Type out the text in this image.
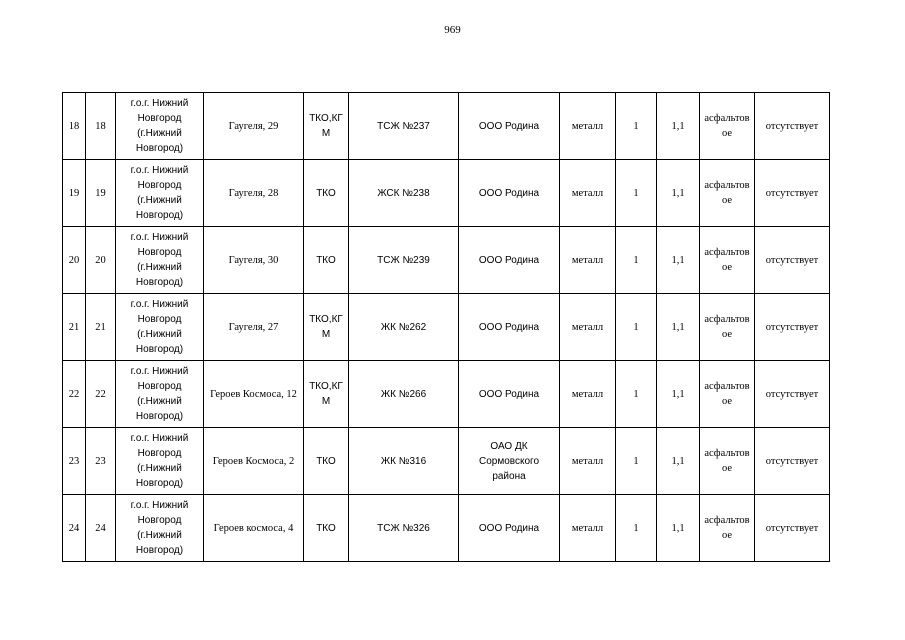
969
18	18	г.о.г. Нижний Новгород (г.Нижний Новгород)	Гаугеля, 29	ТКО,КГМ	ТСЖ №237	ООО Родина	металл	1	1,1	асфальтовое	отсутствует
19	19	г.о.г. Нижний Новгород (г.Нижний Новгород)	Гаугеля, 28	ТКО	ЖСК №238	ООО Родина	металл	1	1,1	асфальтовое	отсутствует
20	20	г.о.г. Нижний Новгород (г.Нижний Новгород)	Гаугеля, 30	ТКО	ТСЖ №239	ООО Родина	металл	1	1,1	асфальтовое	отсутствует
21	21	г.о.г. Нижний Новгород (г.Нижний Новгород)	Гаугеля, 27	ТКО,КГМ	ЖК №262	ООО Родина	металл	1	1,1	асфальтовое	отсутствует
22	22	г.о.г. Нижний Новгород (г.Нижний Новгород)	Героев Космоса, 12	ТКО,КГМ	ЖК №266	ООО Родина	металл	1	1,1	асфальтовое	отсутствует
23	23	г.о.г. Нижний Новгород (г.Нижний Новгород)	Героев Космоса, 2	ТКО	ЖК №316	ОАО ДК Сормовского района	металл	1	1,1	асфальтовое	отсутствует
24	24	г.о.г. Нижний Новгород (г.Нижний Новгород)	Героев космоса, 4	ТКО	ТСЖ №326	ООО Родина	металл	1	1,1	асфальтовое	отсутствует
